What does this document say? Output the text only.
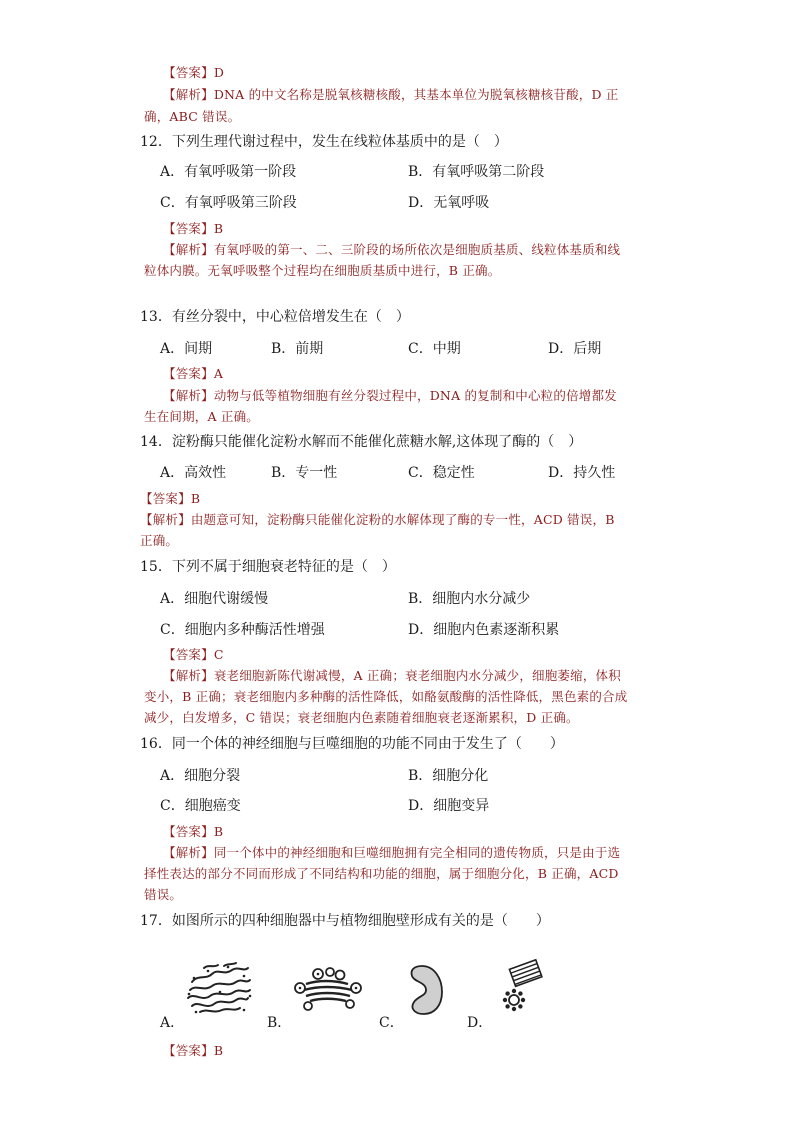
【答案】D
【解析】DNA 的中文名称是脱氧核糖核酸，其基本单位为脱氧核糖核苷酸，D 正
确，ABC 错误。
12．下列生理代谢过程中，发生在线粒体基质中的是（　）
A．有氧呼吸第一阶段	B．有氧呼吸第二阶段
C．有氧呼吸第三阶段	D．无氧呼吸
【答案】B
【解析】有氧呼吸的第一、二、三阶段的场所依次是细胞质基质、线粒体基质和线
粒体内膜。无氧呼吸整个过程均在细胞质基质中进行，B 正确。
13．有丝分裂中，中心粒倍增发生在（　）
A．间期	B．前期	C．中期	D．后期
【答案】A
【解析】动物与低等植物细胞有丝分裂过程中，DNA 的复制和中心粒的倍增都发
生在间期，A 正确。
14．淀粉酶只能催化淀粉水解而不能催化蔗糖水解,这体现了酶的（　）
A．高效性	B．专一性	C．稳定性	D．持久性
【答案】B
【解析】由题意可知，淀粉酶只能催化淀粉的水解体现了酶的专一性，ACD 错误，B
正确。
15．下列不属于细胞衰老特征的是（　）
A．细胞代谢缓慢	B．细胞内水分减少
C．细胞内多种酶活性增强	D．细胞内色素逐渐积累
【答案】C
【解析】衰老细胞新陈代谢减慢，A 正确；衰老细胞内水分减少，细胞萎缩，体积
变小，B 正确；衰老细胞内多种酶的活性降低，如酪氨酸酶的活性降低，黑色素的合成
减少，白发增多，C 错误；衰老细胞内色素随着细胞衰老逐渐累积，D 正确。
16．同一个体的神经细胞与巨噬细胞的功能不同由于发生了（　　）
A．细胞分裂	B．细胞分化
C．细胞癌变	D．细胞变异
【答案】B
【解析】同一个体中的神经细胞和巨噬细胞拥有完全相同的遗传物质，只是由于选
择性表达的部分不同而形成了不同结构和功能的细胞，属于细胞分化，B 正确，ACD
错误。
17．如图所示的四种细胞器中与植物细胞壁形成有关的是（　　）
A．	B．	C．	D．
【答案】B
